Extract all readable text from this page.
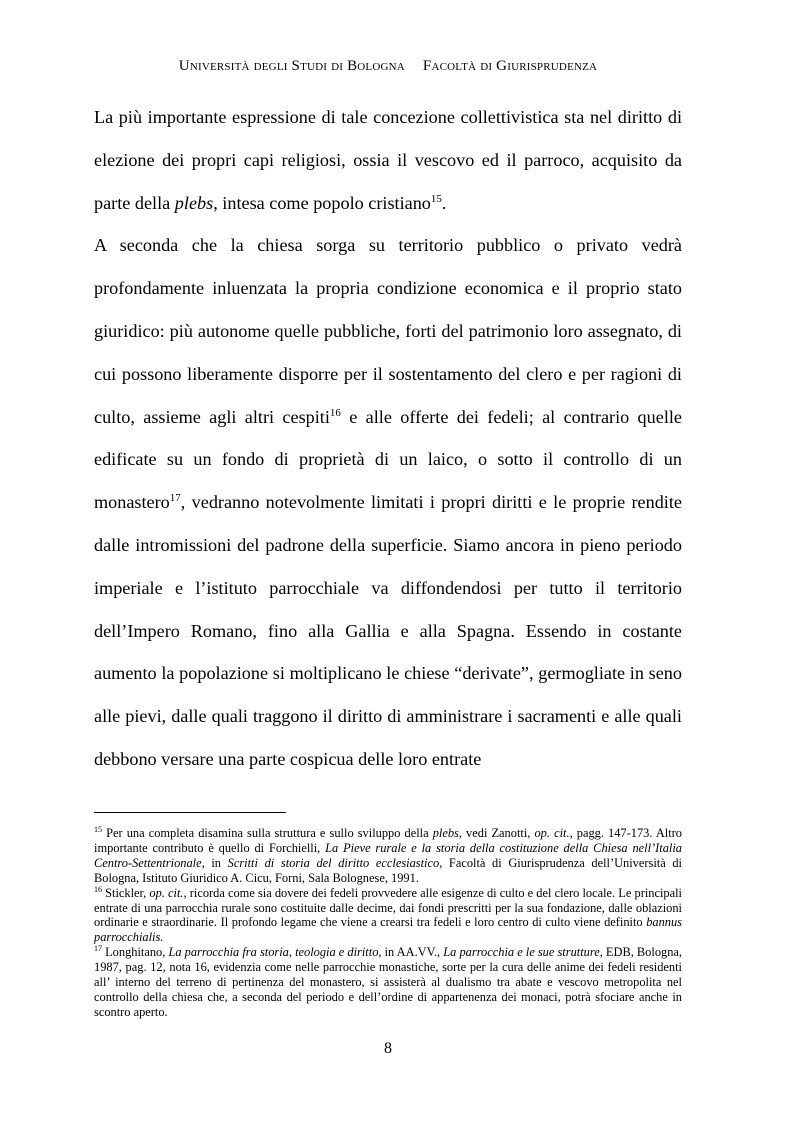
Università degli Studi di Bologna Facoltà di Giurisprudenza

La più importante espressione di tale concezione collettivistica sta nel diritto di elezione dei propri capi religiosi, ossia il vescovo ed il parroco, acquisito da parte della plebs, intesa come popolo cristiano$^{15}$.

A seconda che la chiesa sorga su territorio pubblico o privato vedrà profondamente inluenzata la propria condizione economica e il proprio stato giuridico: più autonome quelle pubbliche, forti del patrimonio loro assegnato, di cui possono liberamente disporre per il sostentamento del clero e per ragioni di culto, assieme agli altri cespiti$^{16}$ e alle offerte dei fedeli; al contrario quelle edificate su un fondo di proprietà di un laico, o sotto il controllo di un monastero$^{17}$, vedranno notevolmente limitati i propri diritti e le proprie rendite dalle intromissioni del padrone della superficie. Siamo ancora in pieno periodo imperiale e l’istituto parrocchiale va diffondendosi per tutto il territorio dell’Impero Romano, fino alla Gallia e alla Spagna. Essendo in costante aumento la popolazione si moltiplicano le chiese “derivate”, germogliate in seno alle pievi, dalle quali traggono il diritto di amministrare i sacramenti e alle quali debbono versare una parte cospicua delle loro entrate

$^{15}$ Per una completa disamina sulla struttura e sullo sviluppo della plebs, vedi Zanotti, op. cit., pagg. 147-173. Altro importante contributo è quello di Forchielli, La Pieve rurale e la storia della costituzione della Chiesa nell’Italia Centro-Settentrionale, in Scritti di storia del diritto ecclesiastico, Facoltà di Giurisprudenza dell’Università di Bologna, Istituto Giuridico A. Cicu, Forni, Sala Bolognese, 1991.

$^{16}$ Stickler, op. cit., ricorda come sia dovere dei fedeli provvedere alle esigenze di culto e del clero locale. Le principali entrate di una parrocchia rurale sono costituite dalle decime, dai fondi prescritti per la sua fondazione, dalle oblazioni ordinarie e straordinarie. Il profondo legame che viene a crearsi tra fedeli e loro centro di culto viene definito bannus parrocchialis.

$^{17}$ Longhitano, La parrocchia fra storia, teologia e diritto, in AA.VV., La parrocchia e le sue strutture, EDB, Bologna, 1987, pag. 12, nota 16, evidenzia come nelle parrocchie monastiche, sorte per la cura delle anime dei fedeli residenti all’ interno del terreno di pertinenza del monastero, si assisterà al dualismo tra abate e vescovo metropolita nel controllo della chiesa che, a seconda del periodo e dell’ordine di appartenenza dei monaci, potrà sfociare anche in scontro aperto.

8
